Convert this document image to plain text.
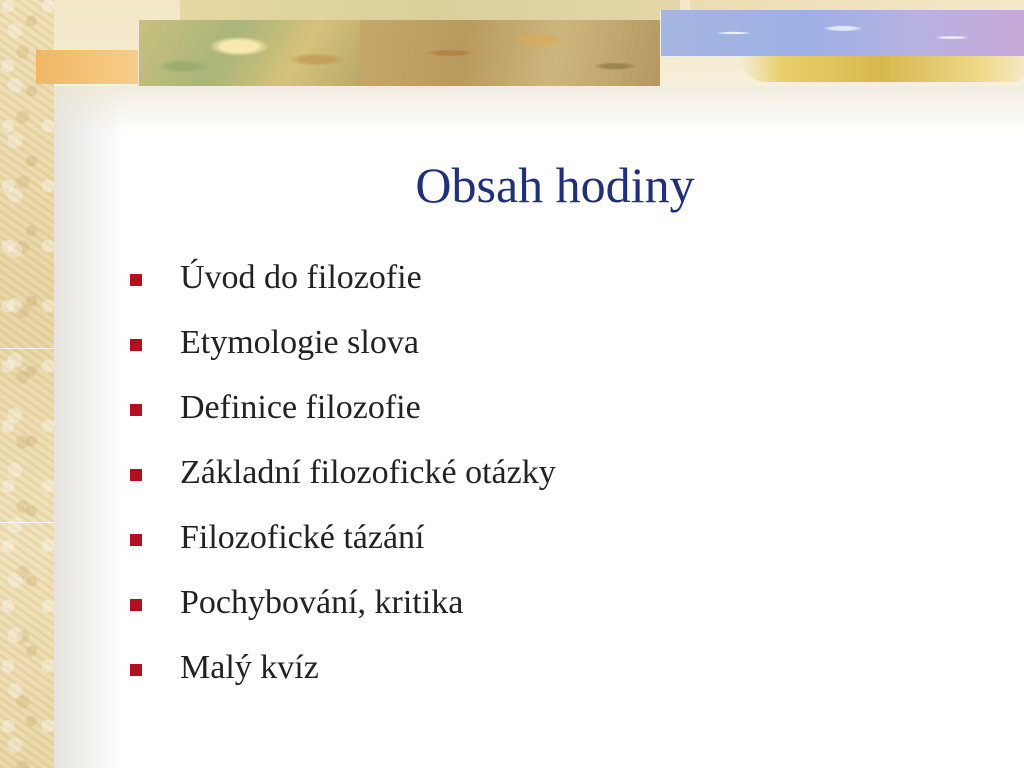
Obsah hodiny
Úvod do filozofie
Etymologie slova
Definice filozofie
Základní filozofické otázky
Filozofické tázání
Pochybování, kritika
Malý kvíz
